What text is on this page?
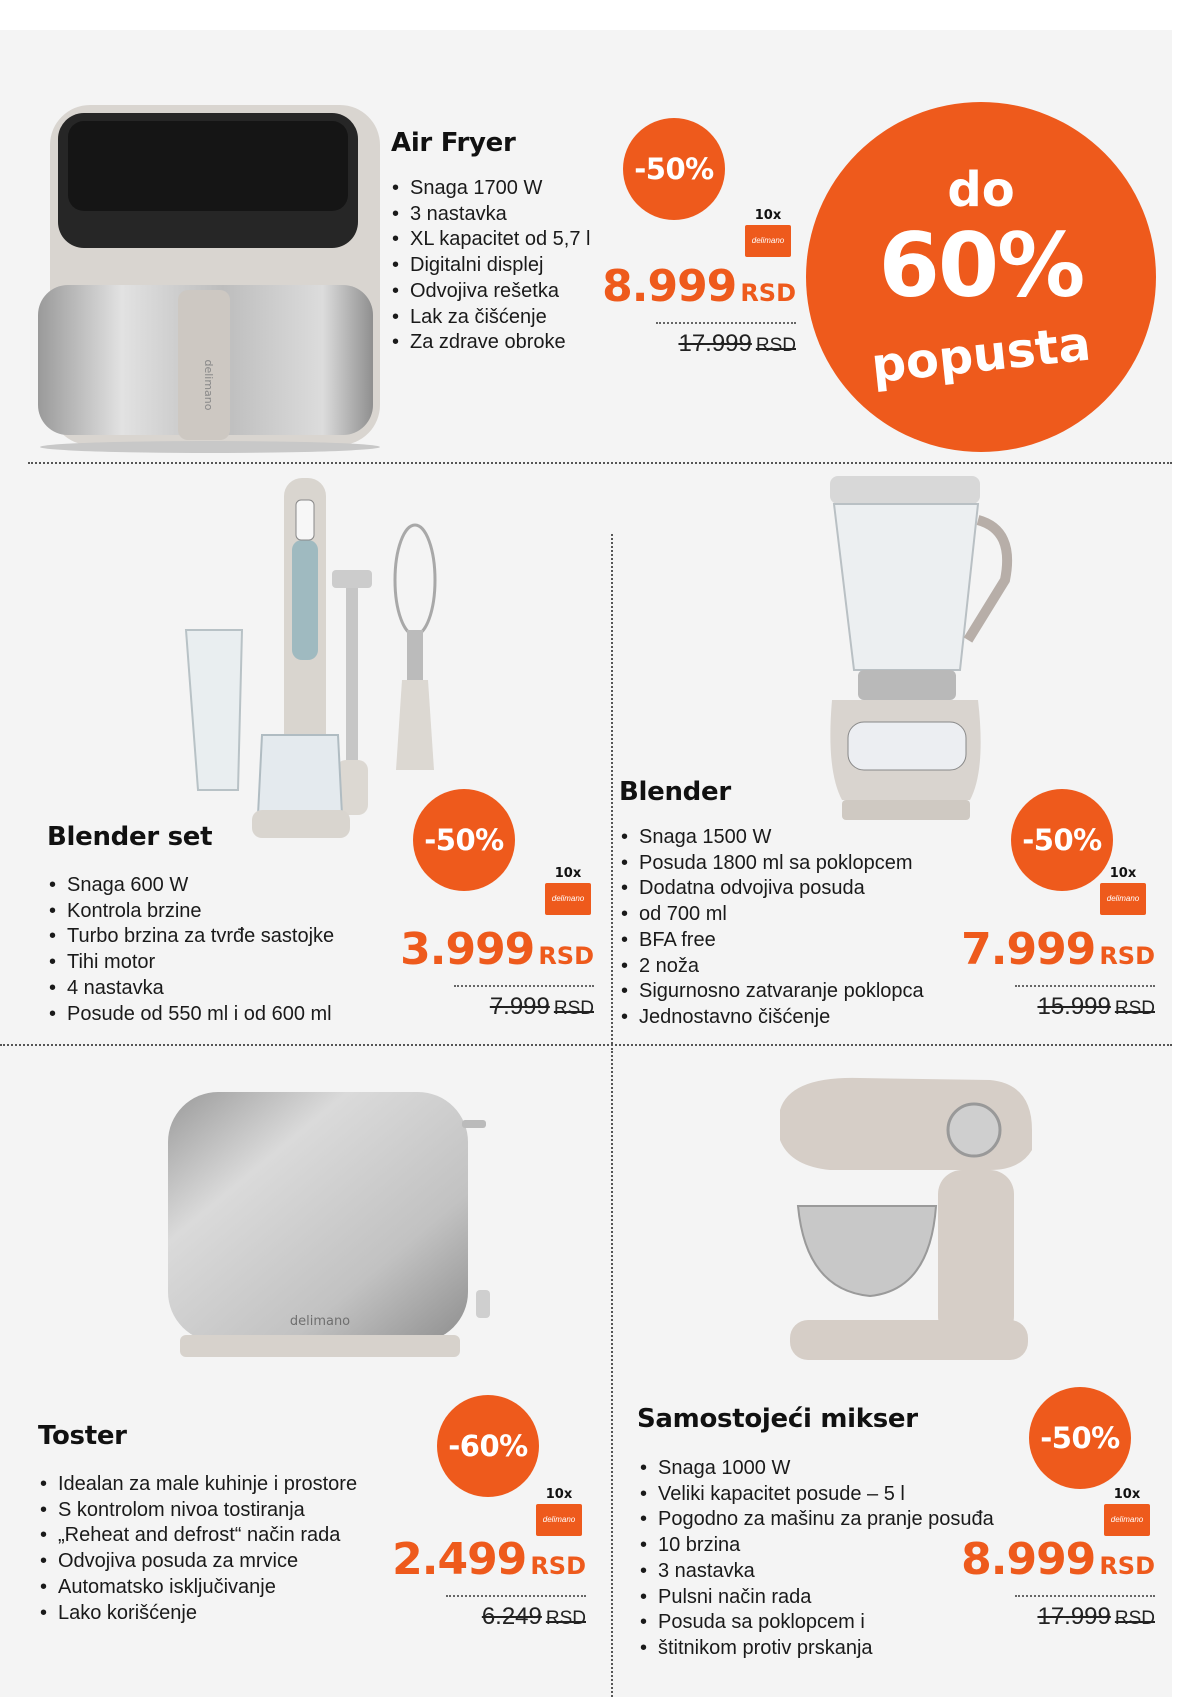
delimano
Air Fryer
• Snaga 1700 W
• 3 nastavka
• XL kapacitet od 5,7 l
• Digitalni displej
• Odvojiva rešetka
• Lak za čišćenje
• Za zdrave obroke
-50%
10x
delimano
8.999 RSD
17.999 RSD
do
60%
popusta
Blender set
• Snaga 600 W
• Kontrola brzine
• Turbo brzina za tvrđe sastojke
• Tihi motor
• 4 nastavka
• Posude od 550 ml i od 600 ml
-50%
10x
delimano
3.999 RSD
7.999 RSD
Blender
• Snaga 1500 W
• Posuda 1800 ml sa poklopcem
• Dodatna odvojiva posuda
• od 700 ml
• BFA free
• 2 noža
• Sigurnosno zatvaranje poklopca
• Jednostavno čišćenje
-50%
10x
delimano
7.999 RSD
15.999 RSD
delimano
Toster
• Idealan za male kuhinje i prostore
• S kontrolom nivoa tostiranja
• „Reheat and defrost“ način rada
• Odvojiva posuda za mrvice
• Automatsko isključivanje
• Lako korišćenje
-60%
10x
delimano
2.499 RSD
6.249 RSD
Samostojeći mikser
• Snaga 1000 W
• Veliki kapacitet posude – 5 l
• Pogodno za mašinu za pranje posuđa
• 10 brzina
• 3 nastavka
• Pulsni način rada
• Posuda sa poklopcem i
• štitnikom protiv prskanja
-50%
10x
delimano
8.999 RSD
17.999 RSD
